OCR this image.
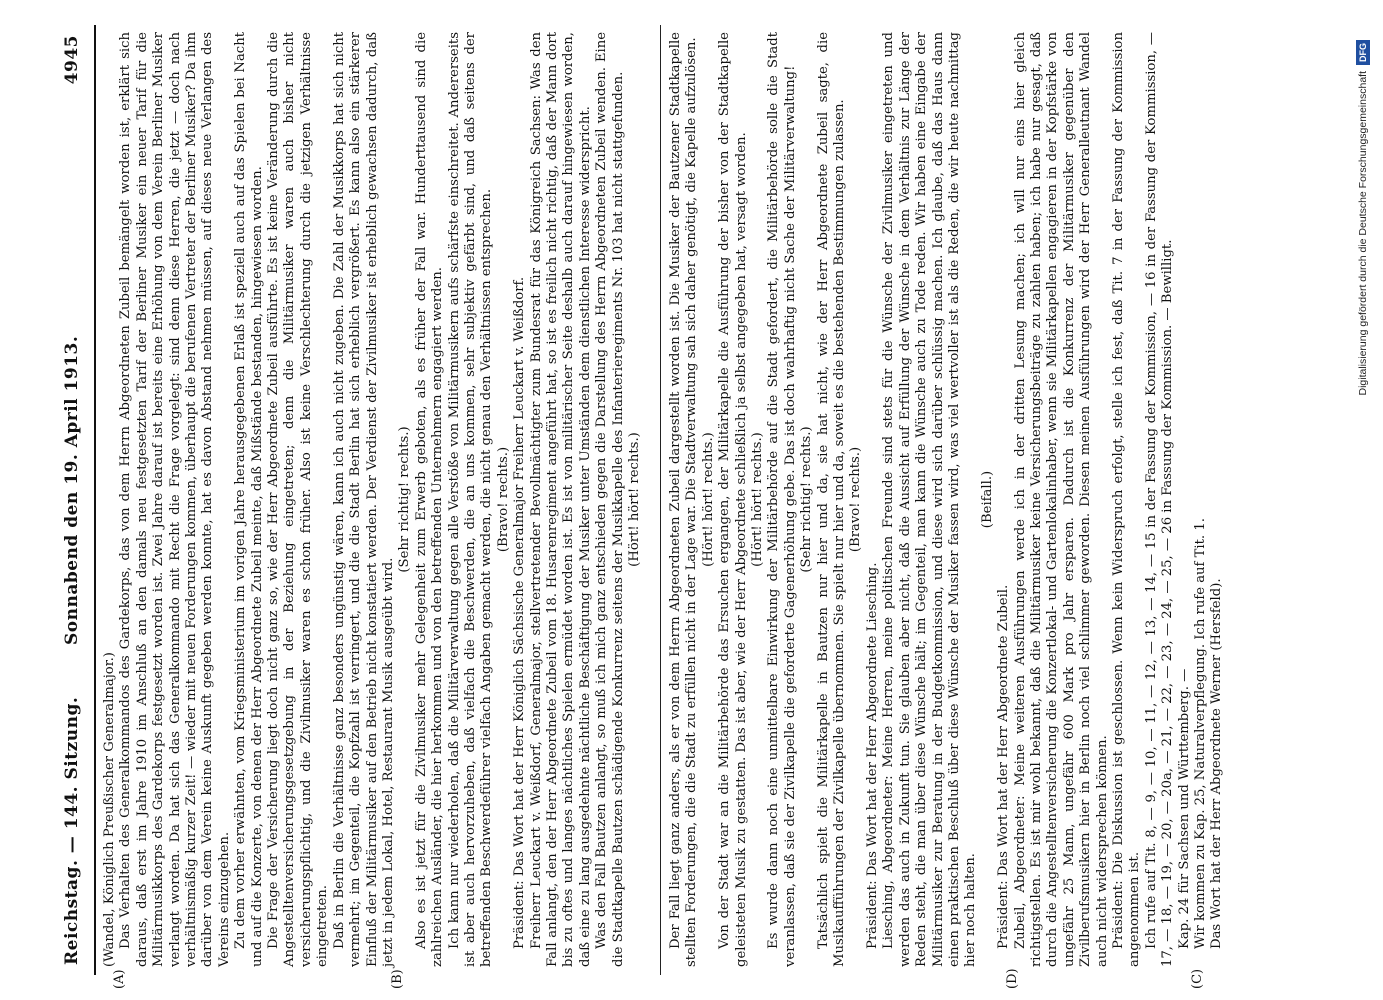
Reichstag. — 144. Sitzung.
Sonnabend den 19. April 1913.
4945
(A)	(B)	(D)	(C)

(Wandel, Königlich Preußischer Generalmajor.) Das Verhalten des Generalkommandos des Gardekorps, das von dem Herrn Abgeordneten Zubeil bemängelt worden ist, erklärt sich daraus, daß erst im Jahre 1910 im Anschluß an den damals neu festgesetzten Tarif der Berliner Musiker ein neuer Tarif für die Militärmusikkorps des Gardekorps festgesetzt worden ist. Zwei Jahre darauf ist bereits eine Erhöhung von dem Verein Berliner Musiker verlangt worden. Da hat sich das Generalkommando mit Recht die Frage vorgelegt: sind denn diese Herren, die jetzt — doch nach verhältnismäßig kurzer Zeit! — wieder mit neuen Forderungen kommen, überhaupt die berufenen Vertreter der Berliner Musiker? Da ihm darüber von dem Verein keine Auskunft gegeben werden konnte, hat es davon Abstand nehmen müssen, auf dieses neue Verlangen des Vereins einzugehen. Zu dem vorher erwähnten, vom Kriegsministerium im vorigen Jahre herausgegebenen Erlaß ist speziell auch auf das Spielen bei Nacht und auf die Konzerte, von denen der Herr Abgeordnete Zubeil meinte, daß Mißstände bestanden, hingewiesen worden. Die Frage der Versicherung liegt doch nicht ganz so, wie der Herr Abgeordnete Zubeil ausführte. Es ist keine Veränderung durch die Angestelltenversicherungsgesetzgebung in der Beziehung eingetreten; denn die Militärmusiker waren auch bisher nicht versicherungspflichtig, und die Zivilmusiker waren es schon früher. Also ist keine Verschlechterung durch die jetzigen Verhältnisse eingetreten. Daß in Berlin die Verhältnisse ganz besonders ungünstig wären, kann ich auch nicht zugeben. Die Zahl der Musikkorps hat sich nicht vermehrt; im Gegenteil, die Kopfzahl ist verringert, und die die Stadt Berlin hat sich erheblich vergrößert. Es kann also ein stärkerer Einfluß der Militärmusiker auf den Betrieb nicht konstatiert werden. Der Verdienst der Zivilmusiker ist erheblich gewachsen dadurch, daß jetzt in jedem Lokal, Hotel, Restaurant Musik ausgeübt wird.

(Sehr richtig! rechts.) Also es ist jetzt für die Zivilmusiker mehr Gelegenheit zum Erwerb geboten, als es früher der Fall war. Hunderttausend sind die zahlreichen Ausländer, die hier herkommen und von den betreffenden Unternehmern engagiert werden. Ich kann nur wiederholen, daß die Militärverwaltung gegen alle Verstöße von Militärmusikern aufs schärfste einschreitet. Andererseits ist aber auch hervorzuheben, daß vielfach die Beschwerden, die an uns kommen, sehr subjektiv gefärbt sind, und daß seitens der betreffenden Beschwerdeführer vielfach Angaben gemacht werden, die nicht genau den Verhältnissen entsprechen. (Bravo! rechts.) Präsident: Das Wort hat der Herr Königlich Sächsische Generalmajor Freiherr Leuckart v. Weißdorf. Freiherr Leuckart v. Weißdorf, Generalmajor, stellvertretender Bevollmächtigter zum Bundesrat für das Königreich Sachsen: Was den Fall anlangt, den der Herr Abgeordnete Zubeil vom 18. Husarenregiment angeführt hat, so ist es freilich nicht richtig, daß der Mann dort bis zu oftes und langes nächtliches Spielen ermüdet worden ist. Es ist von militärischer Seite deshalb auch darauf hingewiesen worden, daß eine zu lang ausgedehnte nächtliche Beschäftigung der Musiker unter Umständen dem dienstlichen Interesse widerspricht. Was den Fall Bautzen anlangt, so muß ich mich ganz entschieden gegen die Darstellung des Herrn Abgeordneten Zubeil wenden. Eine die Stadtkapelle Bautzen schädigende Konkurrenz seitens der Musikkapelle des Infanterieregiments Nr. 103 hat nicht stattgefunden. (Hört! hört! rechts.) Der Fall liegt ganz anders, als er von dem Herrn Abgeordneten Zubeil dargestellt worden ist. Die Musiker der Bautzener Stadtkapelle stellten Forderungen, die die Stadt zu erfüllen nicht in der Lage war. Die Stadtverwaltung sah sich daher genötigt, die Kapelle aufzulösen. (Hört! hört! rechts.) Von der Stadt war an die Militärbehörde das Ersuchen ergangen, der Militärkapelle die Ausführung der bisher von der Stadtkapelle geleisteten Musik zu gestatten. Das ist aber, wie der Herr Abgeordnete schließlich ja selbst angegeben hat, versagt worden. (Hört! hört! rechts.) Es wurde dann noch eine unmittelbare Einwirkung der Militärbehörde auf die Stadt gefordert, die Militärbehörde solle die Stadt veranlassen, daß sie der Zivilkapelle die geforderte Gagenerhöhung gebe. Das ist doch wahrhaftig nicht Sache der Militärverwaltung! (Sehr richtig! rechts.) Tatsächlich spielt die Militärkapelle in Bautzen nur hier und da, sie hat nicht, wie der Herr Abgeordnete Zubeil sagte, die Musikaufführungen der Zivilkapelle übernommen. Sie spielt nur hier und da, soweit es die bestehenden Bestimmungen zulassen. (Bravo! rechts.)

Präsident: Das Wort hat der Herr Abgeordnete Liesching. Liesching, Abgeordneter: Meine Herren, meine politischen Freunde sind stets für die Wünsche der Zivilmusiker eingetreten und werden das auch in Zukunft tun. Sie glauben aber nicht, daß die Aussicht auf Erfüllung der Wünsche in dem Verhältnis zur Länge der Reden steht, die man über diese Wünsche hält; im Gegenteil, man kann die Wünsche auch zu Tode reden. Wir haben eine Eingabe der Militärmusiker zur Beratung in der Budgetkommission, und diese wird sich darüber schlüssig machen. Ich glaube, daß das Haus dann einen praktischen Beschluß über diese Wünsche der Musiker fassen wird, was viel wertvoller ist als die Reden, die wir heute nachmittag hier noch halten.

(Beifall.)

Präsident: Das Wort hat der Herr Abgeordnete Zubeil. Zubeil, Abgeordneter: Meine weiteren Ausführungen werde ich in der dritten Lesung machen; ich will nur eins hier gleich richtigstellen. Es ist mir wohl bekannt, daß die Militärmusiker keine Versicherungsbeiträge zu zahlen haben; ich habe nur gesagt, daß durch die Angestelltenversicherung die Konzertlokal- und Gartenlokalinhaber, wenn sie Militärkapellen engagieren in der Kopfstärke von ungefähr 25 Mann, ungefähr 600 Mark pro Jahr ersparen. Dadurch ist die Konkurrenz der Militärmusiker gegenüber den Zivilberufsmusikern hier in Berlin noch viel schlimmer geworden. Diesen meinen Ausführungen wird der Herr Generalleutnant Wandel auch nicht widersprechen können. Präsident: Die Diskussion ist geschlossen. Wenn kein Widerspruch erfolgt, stelle ich fest, daß Tit. 7 in der Fassung der Kommission angenommen ist. Ich rufe auf Tit. 8, — 9, — 10, — 11, — 12, — 13, — 14, — 15 in der Fassung der Kommission, — 16 in der Fassung der Kommission, — 17, — 18, — 19, — 20, — 20a, — 21, — 22, — 23, — 24, — 25, — 26 in Fassung der Kommission. — Bewilligt. Kap. 24 für Sachsen und Württemberg. — Wir kommen zu Kap. 25, Naturalverpflegung. Ich rufe auf Tit. 1. Das Wort hat der Herr Abgeordnete Werner (Hersfeld).

Digitalisierung gefördert durch die Deutsche ForschungsgemeinschaftDFG
